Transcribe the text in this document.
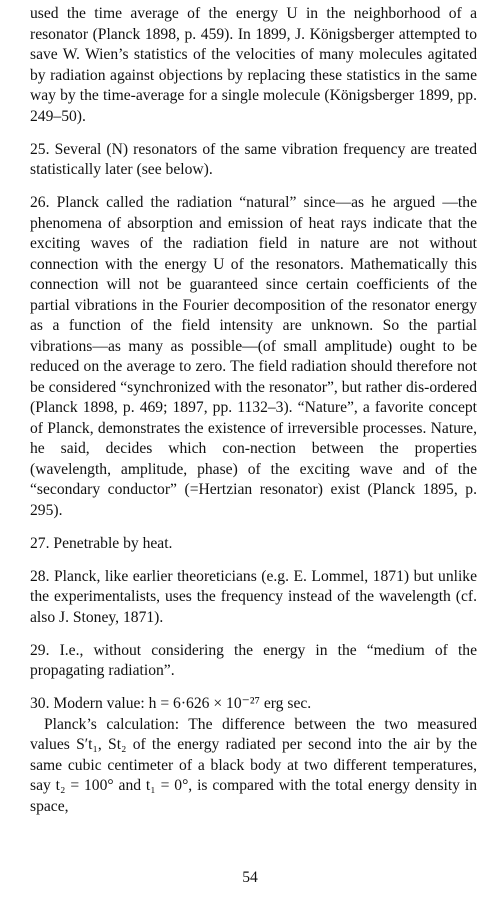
used the time average of the energy U in the neighborhood of a resonator (Planck 1898, p. 459). In 1899, J. Königsberger attempted to save W. Wien’s statistics of the velocities of many molecules agitated by radiation against objections by replacing these statistics in the same way by the time-average for a single molecule (Königsberger 1899, pp. 249–50).

25. Several (N) resonators of the same vibration frequency are treated statistically later (see below).

26. Planck called the radiation “natural” since—as he argued —the phenomena of absorption and emission of heat rays indicate that the exciting waves of the radiation field in nature are not without connection with the energy U of the resonators. Mathematically this connection will not be guaranteed since certain coefficients of the partial vibrations in the Fourier decomposition of the resonator energy as a function of the field intensity are unknown. So the partial vibrations—as many as possible—(of small amplitude) ought to be reduced on the average to zero. The field radiation should therefore not be considered “synchronized with the resonator”, but rather dis-ordered (Planck 1898, p. 469; 1897, pp. 1132–3). “Nature”, a favorite concept of Planck, demonstrates the existence of irreversible processes. Nature, he said, decides which con-nection between the properties (wavelength, amplitude, phase) of the exciting wave and of the “secondary conductor” (=Hertzian resonator) exist (Planck 1895, p. 295).

27. Penetrable by heat.

28. Planck, like earlier theoreticians (e.g. E. Lommel, 1871) but unlike the experimentalists, uses the frequency instead of the wavelength (cf. also J. Stoney, 1871).

29. I.e., without considering the energy in the “medium of the propagating radiation”.

30. Modern value: h = 6·626 × 10⁻²⁷ erg sec.

Planck’s calculation: The difference between the two measured values S′t₁, St₂ of the energy radiated per second into the air by the same cubic centimeter of a black body at two different temperatures, say t₂ = 100° and t₁ = 0°, is compared with the total energy density in space,

54
